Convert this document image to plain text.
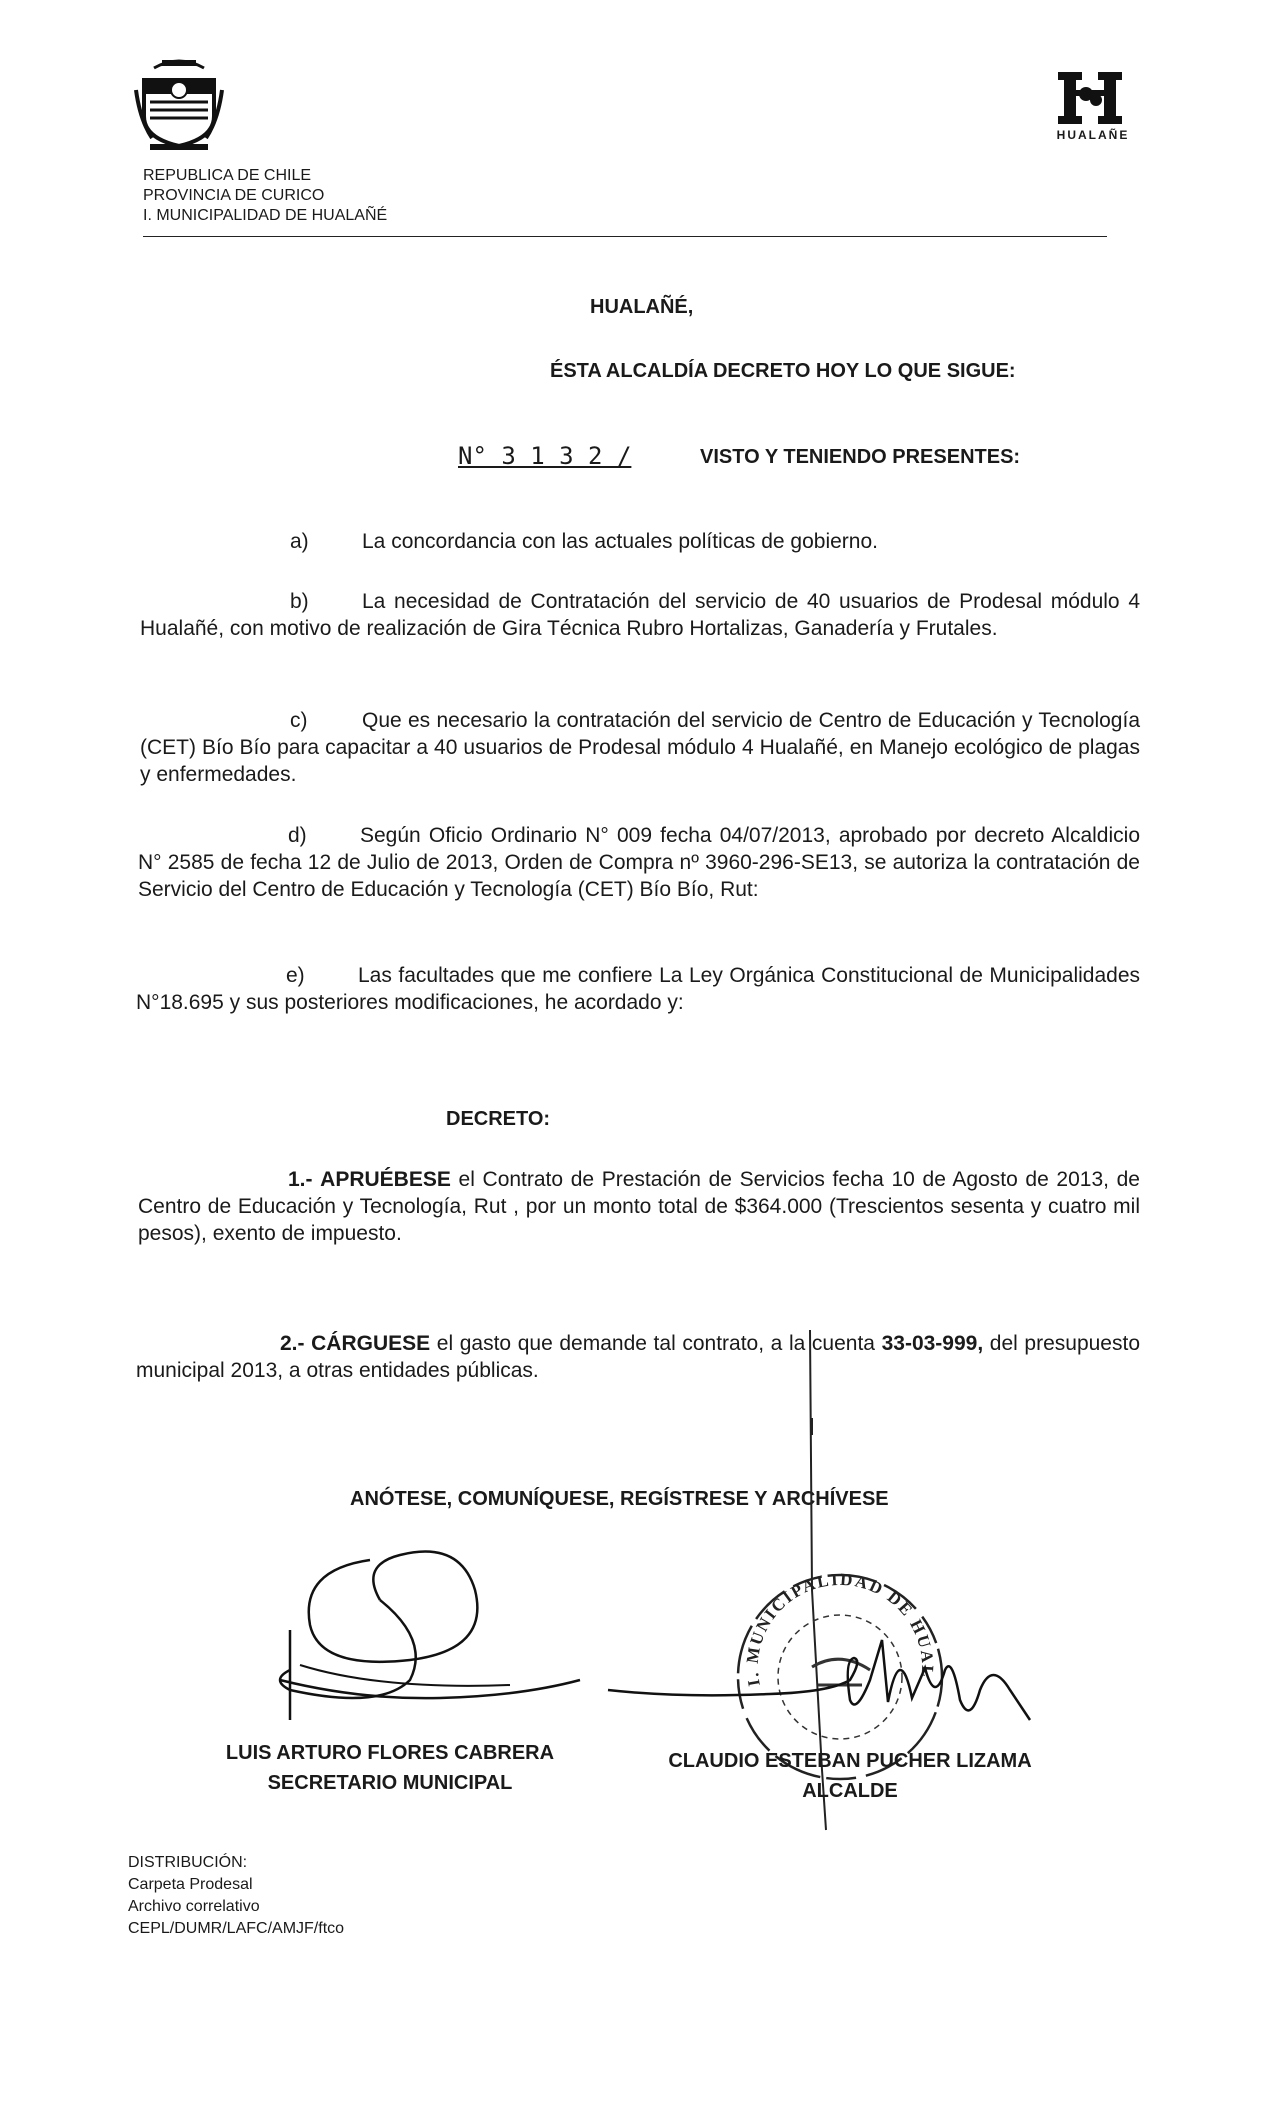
HUALAÑE
REPUBLICA DE CHILE
PROVINCIA DE CURICO
I. MUNICIPALIDAD DE HUALAÑÉ
HUALAÑÉ,
ÉSTA ALCALDÍA DECRETO HOY LO QUE SIGUE:
N° 3 1 3 2 /	VISTO Y TENIENDO PRESENTES:
a)	La concordancia con las actuales políticas de gobierno.
b)	La necesidad de Contratación del servicio de 40 usuarios de Prodesal módulo 4 Hualañé, con motivo de realización de Gira Técnica Rubro Hortalizas, Ganadería y Frutales.
c)	Que es necesario la contratación del servicio de Centro de Educación y Tecnología (CET) Bío Bío para capacitar a 40 usuarios de Prodesal módulo 4 Hualañé, en Manejo ecológico de plagas y enfermedades.
d)	Según Oficio Ordinario N° 009 fecha 04/07/2013, aprobado por decreto Alcaldicio N° 2585 de fecha 12 de Julio de 2013, Orden de Compra nº 3960-296-SE13, se autoriza la contratación de Servicio del Centro de Educación y Tecnología (CET) Bío Bío, Rut:
e)	Las facultades que me confiere La Ley Orgánica Constitucional de Municipalidades N°18.695 y sus posteriores modificaciones, he acordado y:
DECRETO:
1.- APRUÉBESE el Contrato de Prestación de Servicios fecha 10 de Agosto de 2013, de Centro de Educación y Tecnología, Rut , por un monto total de $364.000 (Trescientos sesenta y cuatro mil pesos), exento de impuesto.
2.- CÁRGUESE el gasto que demande tal contrato, a la cuenta 33-03-999, del presupuesto municipal 2013, a otras entidades públicas.
ANÓTESE, COMUNÍQUESE, REGÍSTRESE Y ARCHÍVESE
I. MUNICIPALIDAD DE HUALAÑE
LUIS ARTURO FLORES CABRERA
SECRETARIO MUNICIPAL
CLAUDIO ESTEBAN PUCHER LIZAMA
ALCALDE
DISTRIBUCIÓN:
Carpeta Prodesal
Archivo correlativo
CEPL/DUMR/LAFC/AMJF/ftco
